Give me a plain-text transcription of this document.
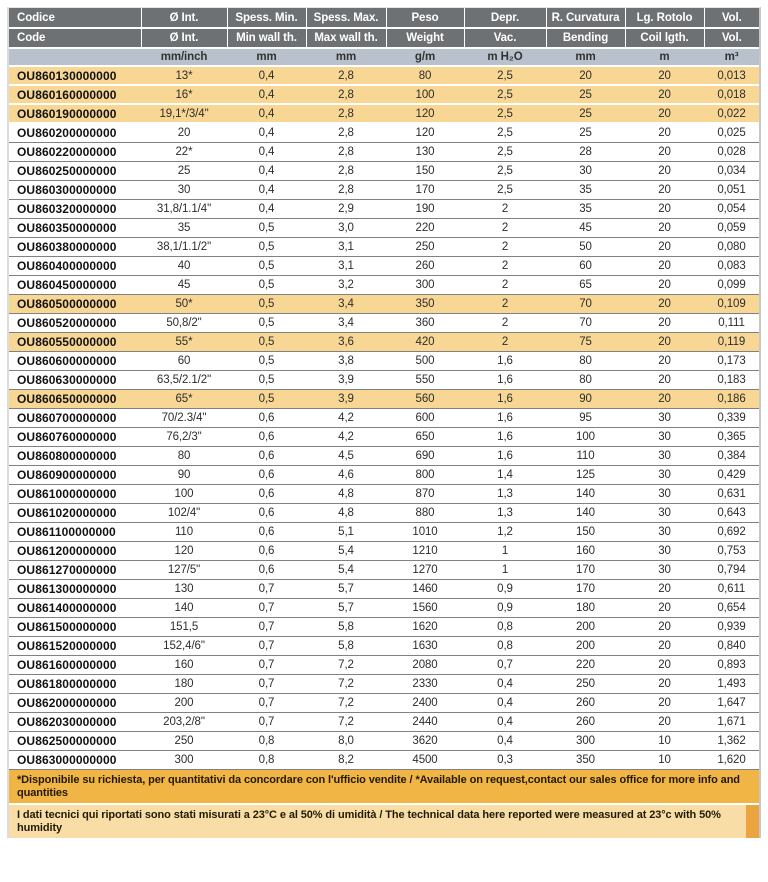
Codice	Ø Int.	Spess. Min.	Spess. Max.	Peso	Depr.	R. Curvatura	Lg. Rotolo	Vol.
Code	Ø Int.	Min wall th.	Max wall th.	Weight	Vac.	Bending	Coil lgth.	Vol.
	mm/inch	mm	mm	g/m	m H₂O	mm	m	m³
OU860130000000	13*	0,4	2,8	80	2,5	20	20	0,013
OU860160000000	16*	0,4	2,8	100	2,5	25	20	0,018
OU860190000000	19,1*/3/4"	0,4	2,8	120	2,5	25	20	0,022
OU860200000000	20	0,4	2,8	120	2,5	25	20	0,025
OU860220000000	22*	0,4	2,8	130	2,5	28	20	0,028
OU860250000000	25	0,4	2,8	150	2,5	30	20	0,034
OU860300000000	30	0,4	2,8	170	2,5	35	20	0,051
OU860320000000	31,8/1.1/4"	0,4	2,9	190	2	35	20	0,054
OU860350000000	35	0,5	3,0	220	2	45	20	0,059
OU860380000000	38,1/1.1/2"	0,5	3,1	250	2	50	20	0,080
OU860400000000	40	0,5	3,1	260	2	60	20	0,083
OU860450000000	45	0,5	3,2	300	2	65	20	0,099
OU860500000000	50*	0,5	3,4	350	2	70	20	0,109
OU860520000000	50,8/2"	0,5	3,4	360	2	70	20	0,111
OU860550000000	55*	0,5	3,6	420	2	75	20	0,119
OU860600000000	60	0,5	3,8	500	1,6	80	20	0,173
OU860630000000	63,5/2.1/2"	0,5	3,9	550	1,6	80	20	0,183
OU860650000000	65*	0,5	3,9	560	1,6	90	20	0,186
OU860700000000	70/2.3/4"	0,6	4,2	600	1,6	95	30	0,339
OU860760000000	76,2/3"	0,6	4,2	650	1,6	100	30	0,365
OU860800000000	80	0,6	4,5	690	1,6	110	30	0,384
OU860900000000	90	0,6	4,6	800	1,4	125	30	0,429
OU861000000000	100	0,6	4,8	870	1,3	140	30	0,631
OU861020000000	102/4"	0,6	4,8	880	1,3	140	30	0,643
OU861100000000	110	0,6	5,1	1010	1,2	150	30	0,692
OU861200000000	120	0,6	5,4	1210	1	160	30	0,753
OU861270000000	127/5"	0,6	5,4	1270	1	170	30	0,794
OU861300000000	130	0,7	5,7	1460	0,9	170	20	0,611
OU861400000000	140	0,7	5,7	1560	0,9	180	20	0,654
OU861500000000	151,5	0,7	5,8	1620	0,8	200	20	0,939
OU861520000000	152,4/6"	0,7	5,8	1630	0,8	200	20	0,840
OU861600000000	160	0,7	7,2	2080	0,7	220	20	0,893
OU861800000000	180	0,7	7,2	2330	0,4	250	20	1,493
OU862000000000	200	0,7	7,2	2400	0,4	260	20	1,647
OU862030000000	203,2/8"	0,7	7,2	2440	0,4	260	20	1,671
OU862500000000	250	0,8	8,0	3620	0,4	300	10	1,362
OU863000000000	300	0,8	8,2	4500	0,3	350	10	1,620
*Disponibile su richiesta, per quantitativi da concordare con l'ufficio vendite / *Available on request,contact our sales office for more info and quantities
I dati tecnici qui riportati sono stati misurati a 23°C e al 50% di umidità / The technical data here reported were measured at 23°c with 50% humidity
